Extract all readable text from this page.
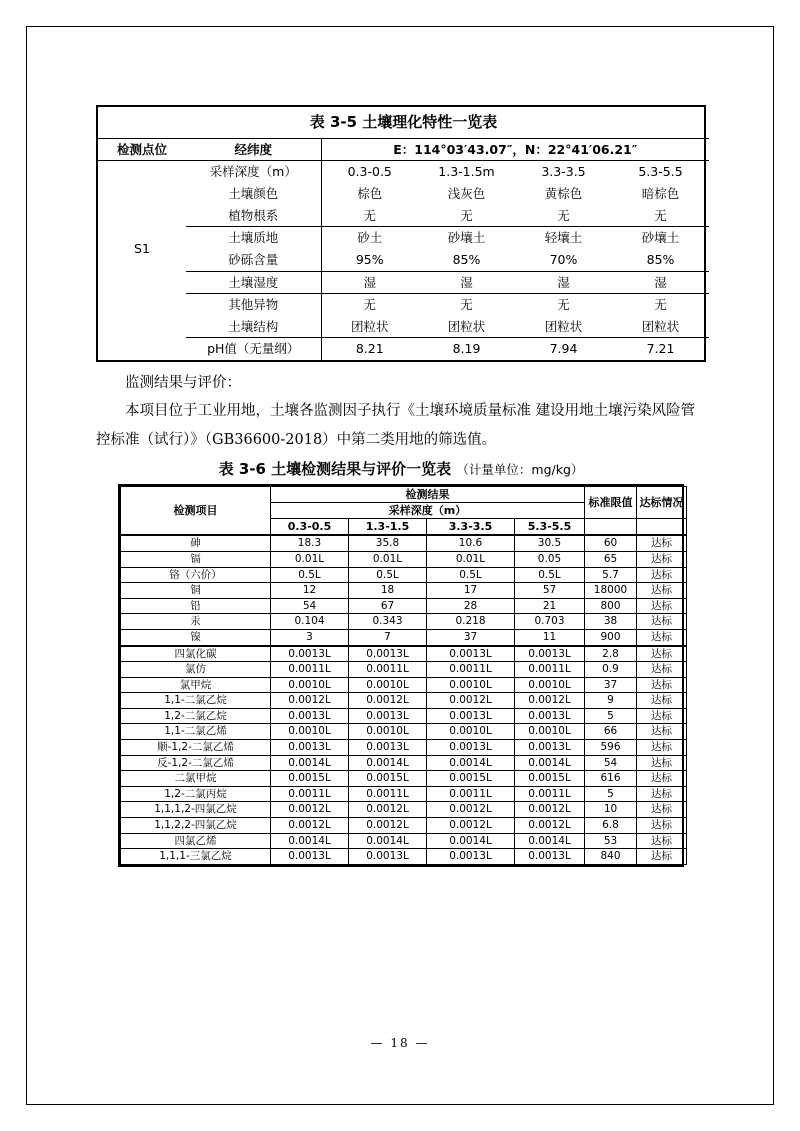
表 3-5 土壤理化特性一览表					
检测点位	经纬度	E：114°03′43.07″，N：22°41′06.21″			
	采样深度（m）	0.3-0.5	1.3-1.5m	3.3-3.5	5.3-5.5
	土壤颜色	棕色	浅灰色	黄棕色	暗棕色
	植物根系	无	无	无	无
S1	土壤质地	砂土	砂壤土	轻壤土	砂壤土
	砂砾含量	95%	85%	70%	85%
	土壤湿度	湿	湿	湿	湿
	其他异物	无	无	无	无
	土壤结构	团粒状	团粒状	团粒状	团粒状
	pH值（无量纲）	8.21	8.19	7.94	7.21
监测结果与评价：
本项目位于工业用地，土壤各监测因子执行《土壤环境质量标准 建设用地土壤污染风险管控标准（试行）》（GB36600-2018）中第二类用地的筛选值。
表 3-6 土壤检测结果与评价一览表 （计量单位：mg/kg）
检测项目	检测结果				标准限值	达标情况
	采样深度（m）					
	0.3-0.5	1.3-1.5	3.3-3.5	5.3-5.5		
砷	18.3	35.8	10.6	30.5	60	达标
镉	0.01L	0.01L	0.01L	0.05	65	达标
铬（六价）	0.5L	0.5L	0.5L	0.5L	5.7	达标
铜	12	18	17	57	18000	达标
铅	54	67	28	21	800	达标
汞	0.104	0.343	0.218	0.703	38	达标
镍	3	7	37	11	900	达标
四氯化碳	0.0013L	0.0013L	0.0013L	0.0013L	2.8	达标
氯仿	0.0011L	0.0011L	0.0011L	0.0011L	0.9	达标
氯甲烷	0.0010L	0.0010L	0.0010L	0.0010L	37	达标
1,1-二氯乙烷	0.0012L	0.0012L	0.0012L	0.0012L	9	达标
1,2-二氯乙烷	0.0013L	0.0013L	0.0013L	0.0013L	5	达标
1,1-二氯乙烯	0.0010L	0.0010L	0.0010L	0.0010L	66	达标
顺-1,2-二氯乙烯	0.0013L	0.0013L	0.0013L	0.0013L	596	达标
反-1,2-二氯乙烯	0.0014L	0.0014L	0.0014L	0.0014L	54	达标
二氯甲烷	0.0015L	0.0015L	0.0015L	0.0015L	616	达标
1,2-二氯丙烷	0.0011L	0.0011L	0.0011L	0.0011L	5	达标
1,1,1,2-四氯乙烷	0.0012L	0.0012L	0.0012L	0.0012L	10	达标
1,1,2,2-四氯乙烷	0.0012L	0.0012L	0.0012L	0.0012L	6.8	达标
四氯乙烯	0.0014L	0.0014L	0.0014L	0.0014L	53	达标
1,1,1-三氯乙烷	0.0013L	0.0013L	0.0013L	0.0013L	840	达标
— 18 —
